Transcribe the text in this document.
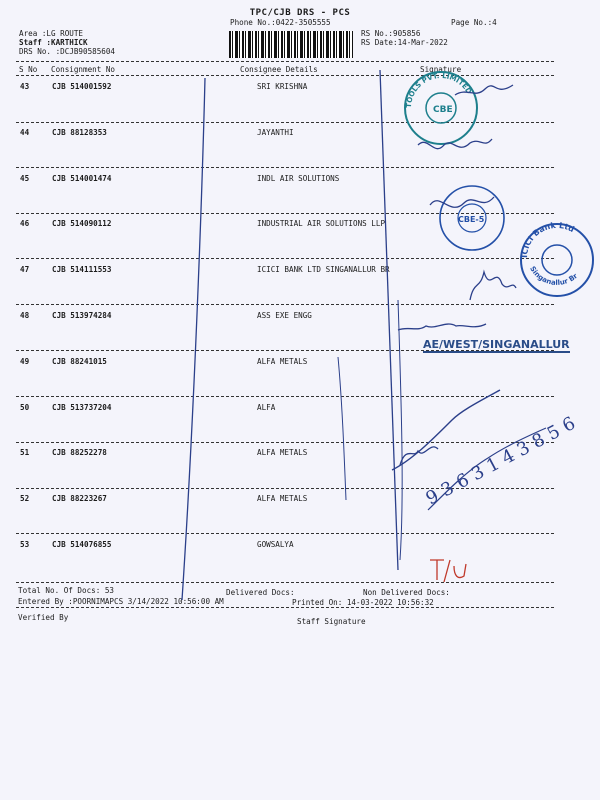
TPC/CJB DRS - PCS
Phone No.:0422-3505555	Page No.:4
Area :LG ROUTE
Staff :KARTHICK
DRS No. :DCJB90585604
RS No.:905856
RS Date:14-Mar-2022
S No Consignment No	Consignee Details	Signature
43	CJB 514001592	SRI KRISHNA
44	CJB 88128353	JAYANTHI
45	CJB 514001474	INDL AIR SOLUTIONS
46	CJB 514090112	INDUSTRIAL AIR SOLUTIONS LLP
47	CJB 514111553	ICICI BANK LTD SINGANALLUR BR
48	CJB 513974284	ASS EXE ENGG
49	CJB 88241015	ALFA METALS
50	CJB 513737204	ALFA
51	CJB 88252278	ALFA METALS
52	CJB 88223267	ALFA METALS
53	CJB 514076855	GOWSALYA
Total No. Of Docs: 53	Delivered Docs:	Non Delivered Docs:
Entered By :POORNIMAPCS 3/14/2022 10:56:00 AM	Printed On: 14-03-2022 10:56:32
Verified By	Staff Signature
CBE
TOOLS PVT. LIMITED
CBE-5
ICICI Bank Ltd
Singanallur Br
9 3 6 3 1 4 3 8 5 6
AE/WEST/SINGANALLUR
